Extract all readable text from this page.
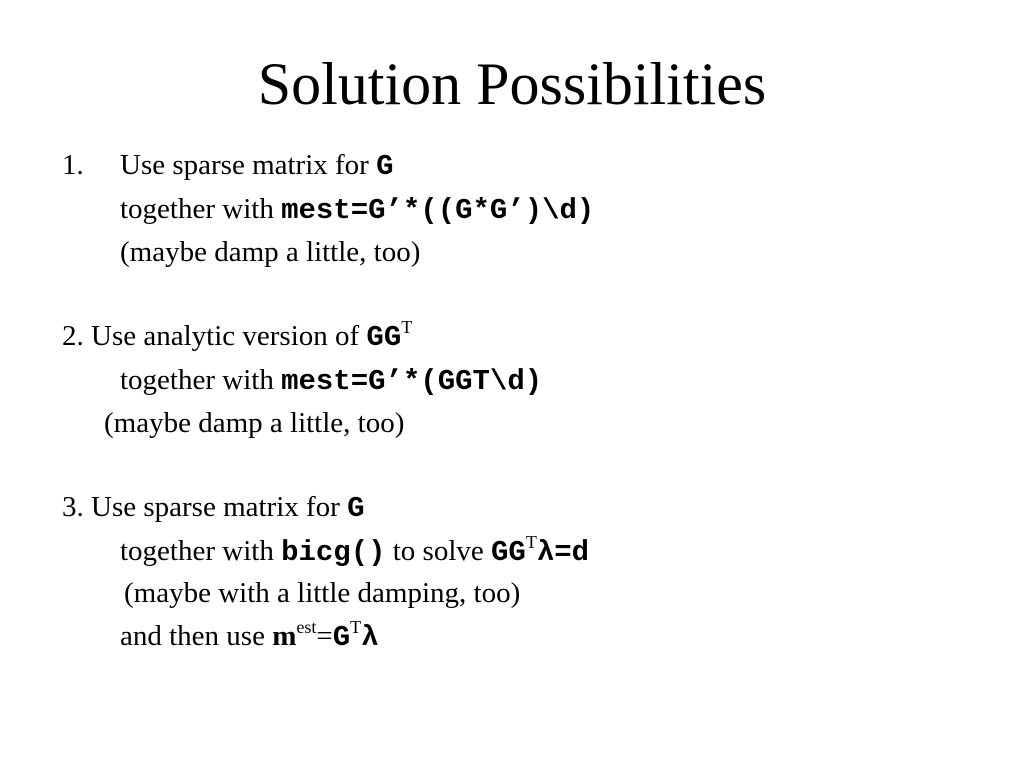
Solution Possibilities
1. Use sparse matrix for G
together with mest=G’*((G*G’)\d)
(maybe damp a little, too)
2. Use analytic version of $GG^T$
together with mest=G’*(GGT\d)
(maybe damp a little, too)
3. Use sparse matrix for G
together with bicg() to solve $GG^T\lambda=d$
(maybe with a little damping, too)
and then use $m^{est}=G^T\lambda$
